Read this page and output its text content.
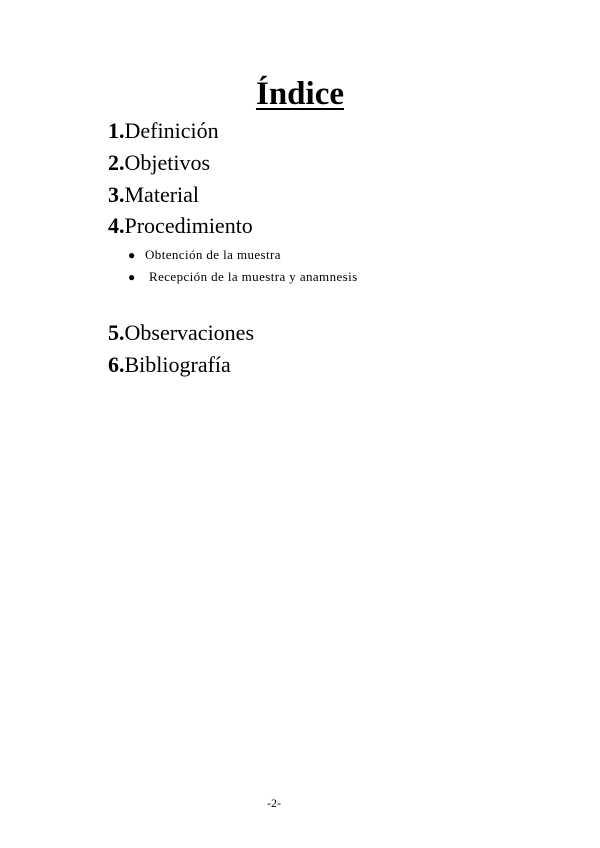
Índice
1.Definición
2.Objetivos
3.Material
4.Procedimiento
5.Observaciones
6.Bibliografía
● Obtención de la muestra
● Recepción de la muestra y anamnesis
-2-
